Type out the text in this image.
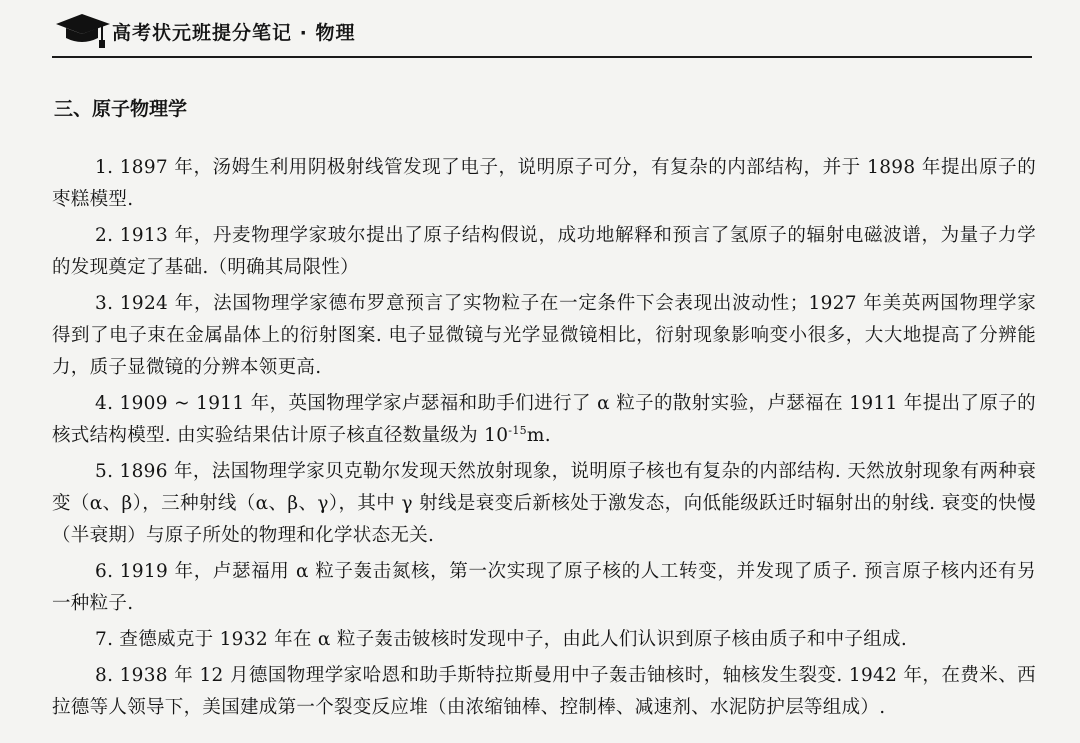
高考状元班提分笔记 · 物理
三、原子物理学

1. 1897 年，汤姆生利用阴极射线管发现了电子，说明原子可分，有复杂的内部结构，并于 1898 年提出原子的枣糕模型.

2. 1913 年，丹麦物理学家玻尔提出了原子结构假说，成功地解释和预言了氢原子的辐射电磁波谱，为量子力学的发现奠定了基础.（明确其局限性）

3. 1924 年，法国物理学家德布罗意预言了实物粒子在一定条件下会表现出波动性；1927 年美英两国物理学家得到了电子束在金属晶体上的衍射图案. 电子显微镜与光学显微镜相比，衍射现象影响变小很多，大大地提高了分辨能力，质子显微镜的分辨本领更高.

4. 1909 ~ 1911 年，英国物理学家卢瑟福和助手们进行了 α 粒子的散射实验，卢瑟福在 1911 年提出了原子的核式结构模型. 由实验结果估计原子核直径数量级为 $10^{-15}m$.

5. 1896 年，法国物理学家贝克勒尔发现天然放射现象，说明原子核也有复杂的内部结构. 天然放射现象有两种衰变（α、β），三种射线（α、β、γ），其中 γ 射线是衰变后新核处于激发态，向低能级跃迁时辐射出的射线. 衰变的快慢（半衰期）与原子所处的物理和化学状态无关.

6. 1919 年，卢瑟福用 α 粒子轰击氮核，第一次实现了原子核的人工转变，并发现了质子. 预言原子核内还有另一种粒子.

7. 查德威克于 1932 年在 α 粒子轰击铍核时发现中子，由此人们认识到原子核由质子和中子组成.

8. 1938 年 12 月德国物理学家哈恩和助手斯特拉斯曼用中子轰击铀核时，轴核发生裂变. 1942 年，在费米、西拉德等人领导下，美国建成第一个裂变反应堆（由浓缩铀棒、控制棒、减速剂、水泥防护层等组成）.
